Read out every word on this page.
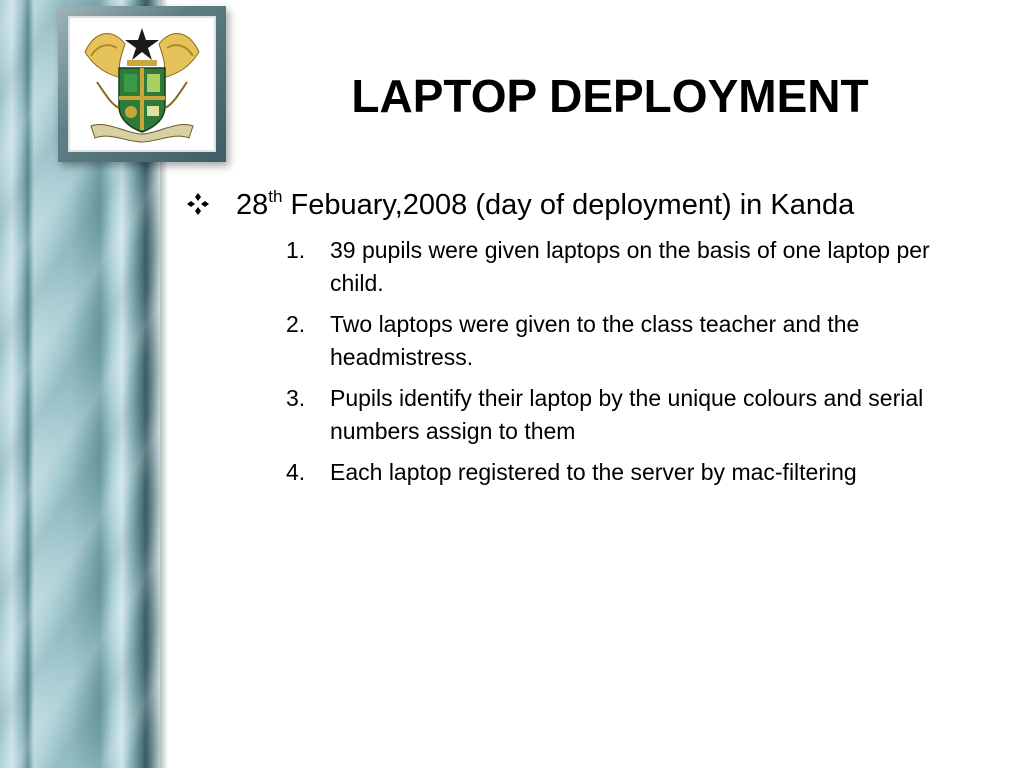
LAPTOP DEPLOYMENT
28th Febuary,2008 (day of deployment) in Kanda
1. 39 pupils were given laptops on the basis of one laptop per child.
2. Two laptops were given to the class teacher and the headmistress.
3. Pupils identify their laptop by the unique colours and serial numbers assign to them
4. Each laptop registered to the server by mac-filtering
